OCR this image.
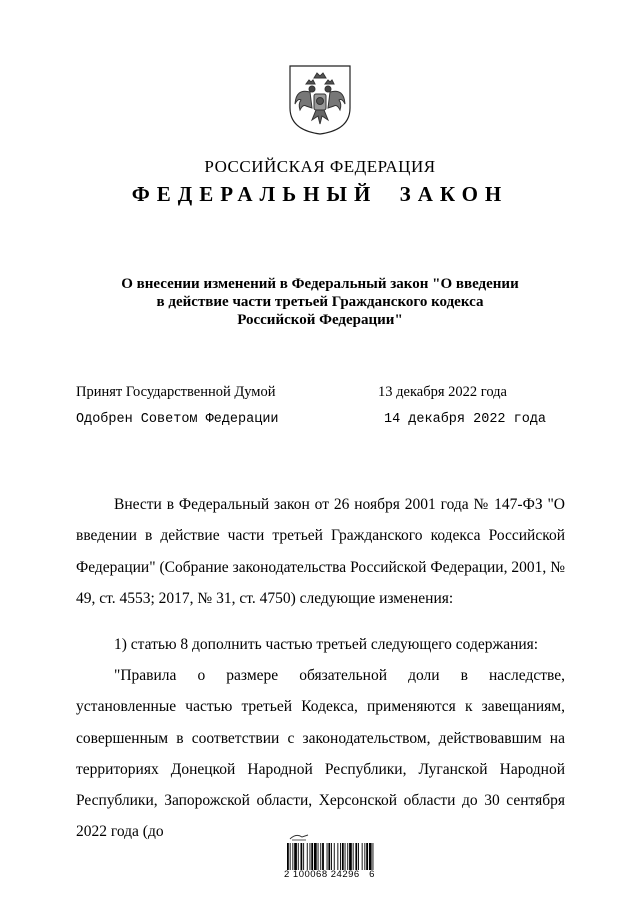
РОССИЙСКАЯ ФЕДЕРАЦИЯ
ФЕДЕРАЛЬНЫЙ ЗАКОН
О внесении изменений в Федеральный закон "О введении
в действие части третьей Гражданского кодекса
Российской Федерации"
Принят Государственной Думой	13 декабря 2022 года
Одобрен Советом Федерации	14 декабря 2022 года
Внести в Федеральный закон от 26 ноября 2001 года № 147-ФЗ "О введении в действие части третьей Гражданского кодекса Российской Федерации" (Собрание законодательства Российской Федерации, 2001, № 49, ст. 4553; 2017, № 31, ст. 4750) следующие изменения:
1) статью 8 дополнить частью третьей следующего содержания:
"Правила о размере обязательной доли в наследстве, установленные частью третьей Кодекса, применяются к завещаниям, совершенным в соответствии с законодательством, действовавшим на территориях Донецкой Народной Республики, Луганской Народной Республики, Запорожской области, Херсонской области до 30 сентября 2022 года (до
2 100068 24296   6
